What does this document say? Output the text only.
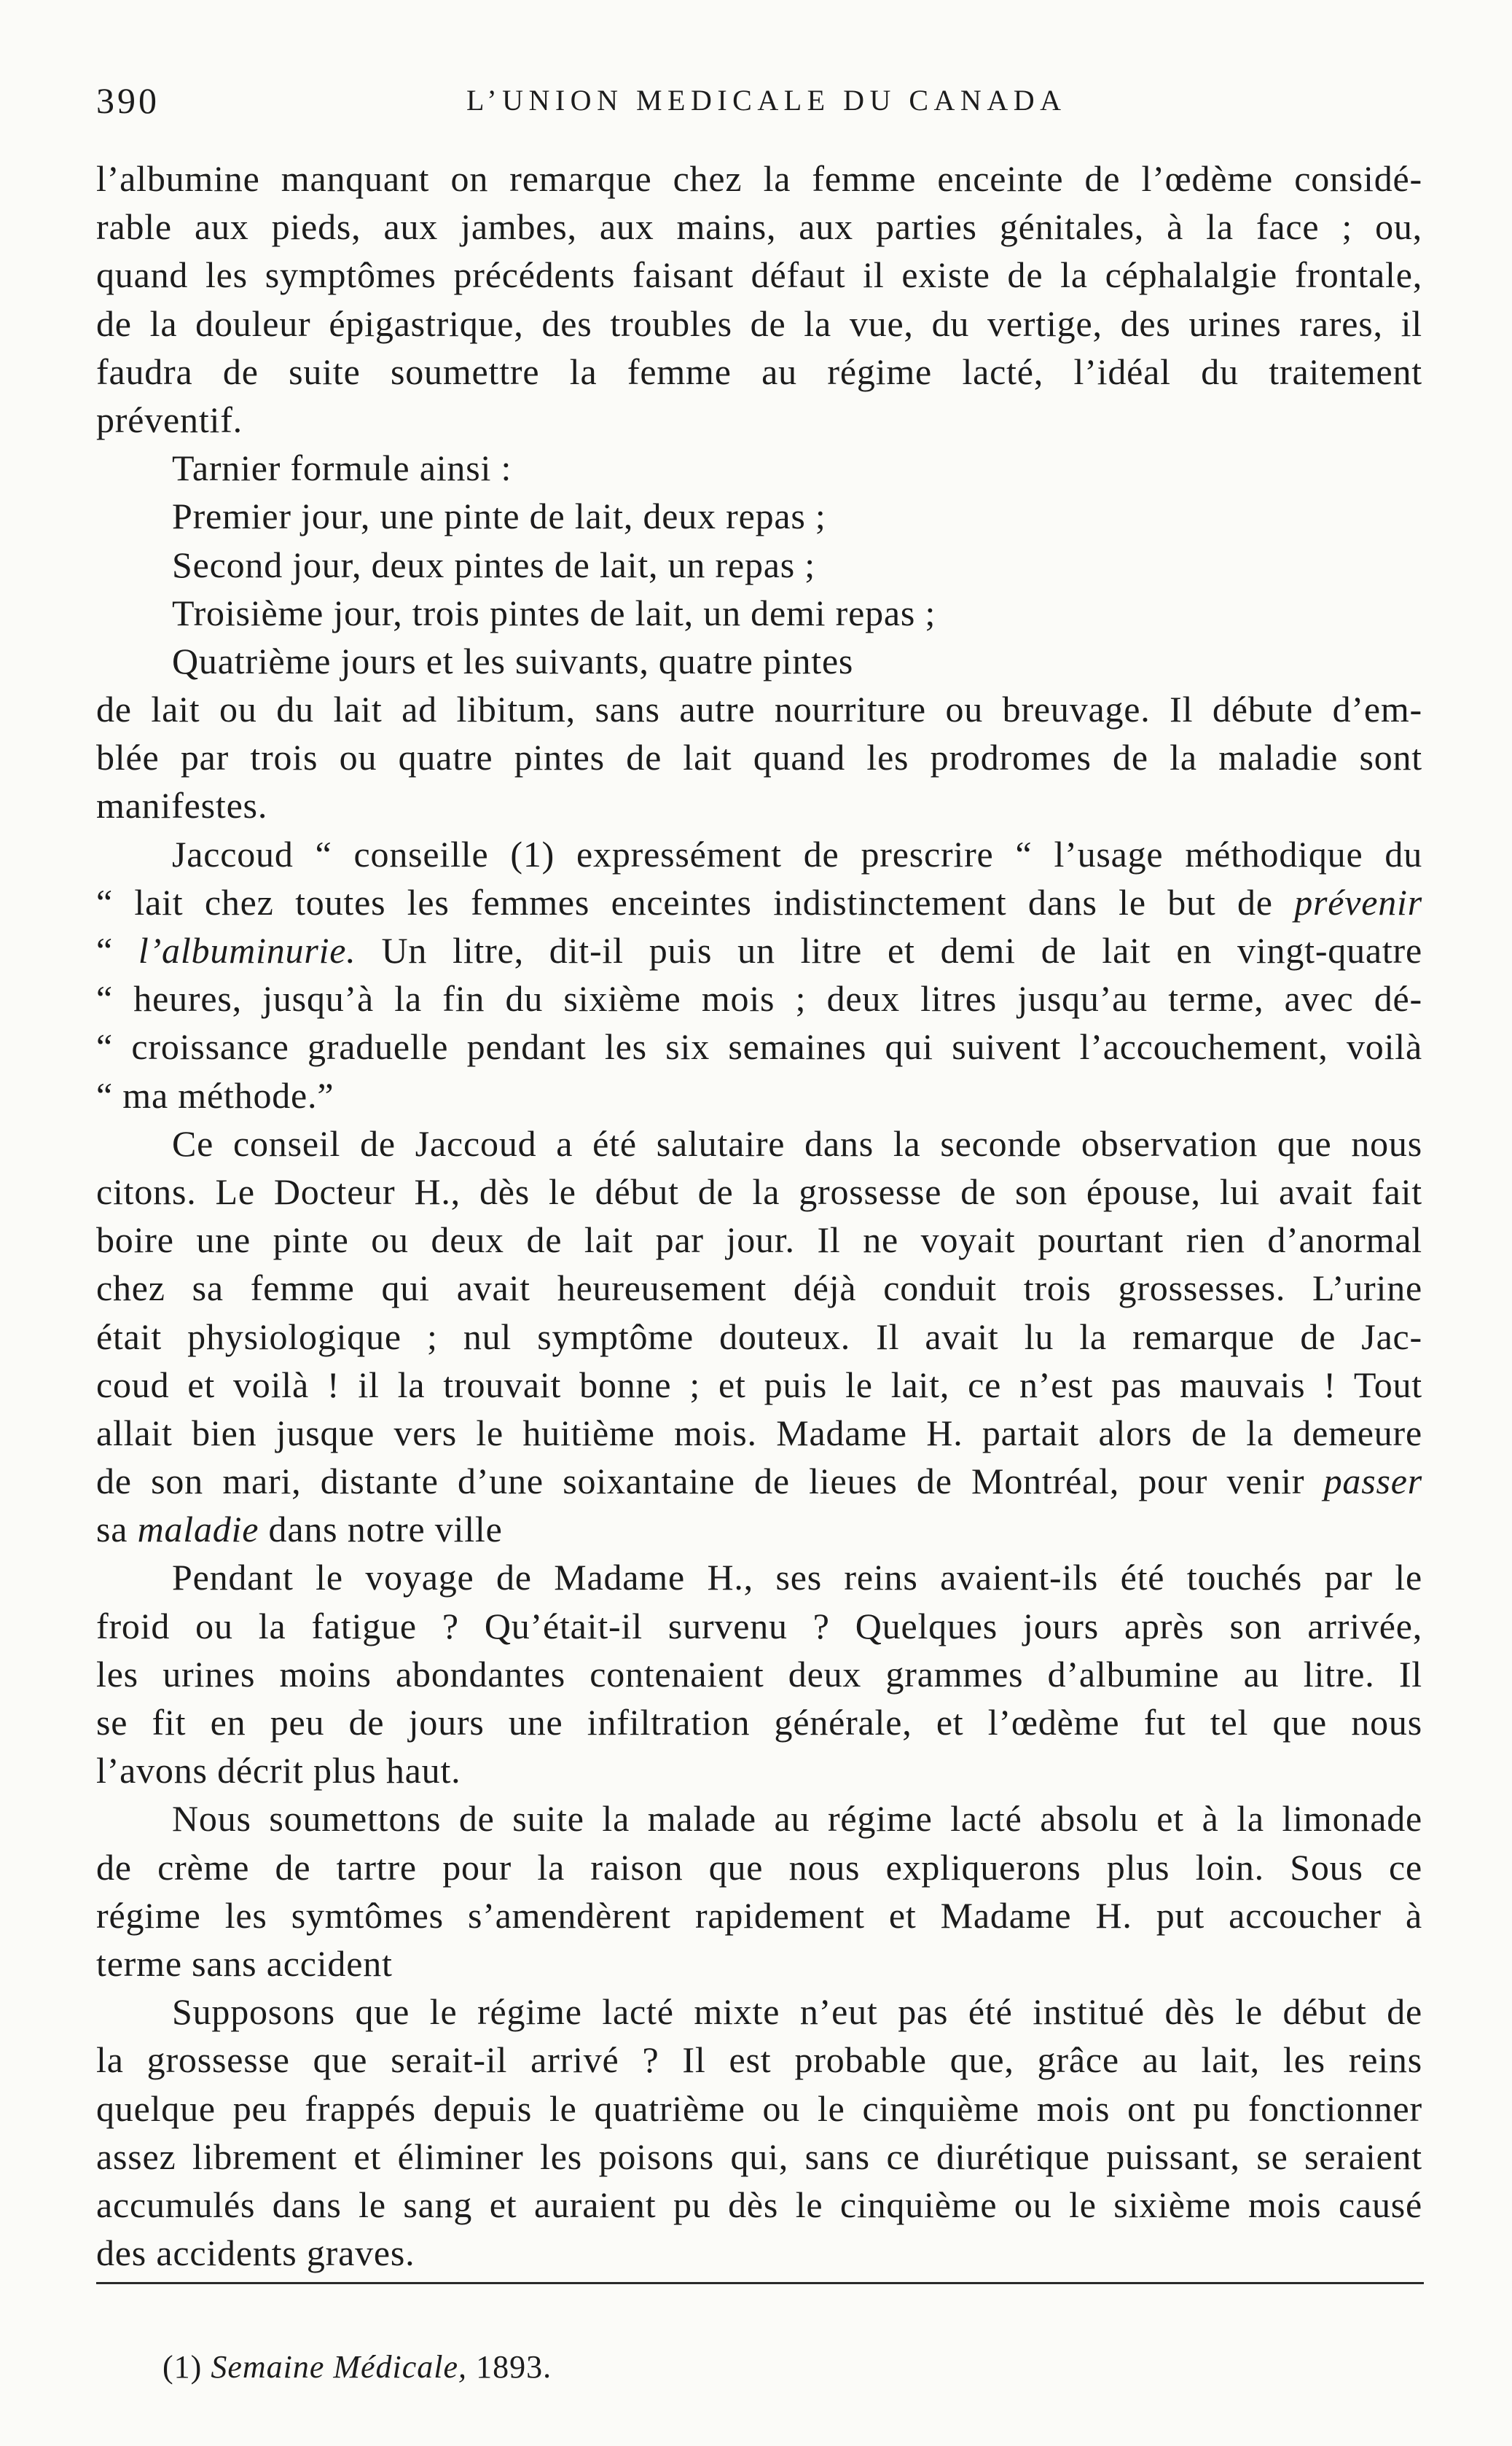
390	L’UNION MEDICALE DU CANADA
l’albumine manquant on remarque chez la femme enceinte de l’œdème considé-
rable aux pieds, aux jambes, aux mains, aux parties génitales, à la face ; ou,
quand les symptômes précédents faisant défaut il existe de la céphalalgie frontale,
de la douleur épigastrique, des troubles de la vue, du vertige, des urines rares, il
faudra de suite soumettre la femme au régime lacté, l’idéal du traitement
préventif.
Tarnier formule ainsi :
Premier jour, une pinte de lait, deux repas ;
Second jour, deux pintes de lait, un repas ;
Troisième jour, trois pintes de lait, un demi repas ;
Quatrième jours et les suivants, quatre pintes
de lait ou du lait ad libitum, sans autre nourriture ou breuvage. Il débute d’em-
blée par trois ou quatre pintes de lait quand les prodromes de la maladie sont
manifestes.
Jaccoud “ conseille (1) expressément de prescrire “ l’usage méthodique du
“ lait chez toutes les femmes enceintes indistinctement dans le but de prévenir
“ l’albuminurie. Un litre, dit-il puis un litre et demi de lait en vingt-quatre
“ heures, jusqu’à la fin du sixième mois ; deux litres jusqu’au terme, avec dé-
“ croissance graduelle pendant les six semaines qui suivent l’accouchement, voilà
“ ma méthode.”
Ce conseil de Jaccoud a été salutaire dans la seconde observation que nous
citons. Le Docteur H., dès le début de la grossesse de son épouse, lui avait fait
boire une pinte ou deux de lait par jour. Il ne voyait pourtant rien d’anormal
chez sa femme qui avait heureusement déjà conduit trois grossesses. L’urine
était physiologique ; nul symptôme douteux. Il avait lu la remarque de Jac-
coud et voilà ! il la trouvait bonne ; et puis le lait, ce n’est pas mauvais ! Tout
allait bien jusque vers le huitième mois. Madame H. partait alors de la demeure
de son mari, distante d’une soixantaine de lieues de Montréal, pour venir passer
sa maladie dans notre ville
Pendant le voyage de Madame H., ses reins avaient-ils été touchés par le
froid ou la fatigue ? Qu’était-il survenu ? Quelques jours après son arrivée,
les urines moins abondantes contenaient deux grammes d’albumine au litre. Il
se fit en peu de jours une infiltration générale, et l’œdème fut tel que nous
l’avons décrit plus haut.
Nous soumettons de suite la malade au régime lacté absolu et à la limonade
de crème de tartre pour la raison que nous expliquerons plus loin. Sous ce
régime les symtômes s’amendèrent rapidement et Madame H. put accoucher à
terme sans accident
Supposons que le régime lacté mixte n’eut pas été institué dès le début de
la grossesse que serait-il arrivé ? Il est probable que, grâce au lait, les reins
quelque peu frappés depuis le quatrième ou le cinquième mois ont pu fonctionner
assez librement et éliminer les poisons qui, sans ce diurétique puissant, se seraient
accumulés dans le sang et auraient pu dès le cinquième ou le sixième mois causé
des accidents graves.
(1) Semaine Médicale, 1893.
